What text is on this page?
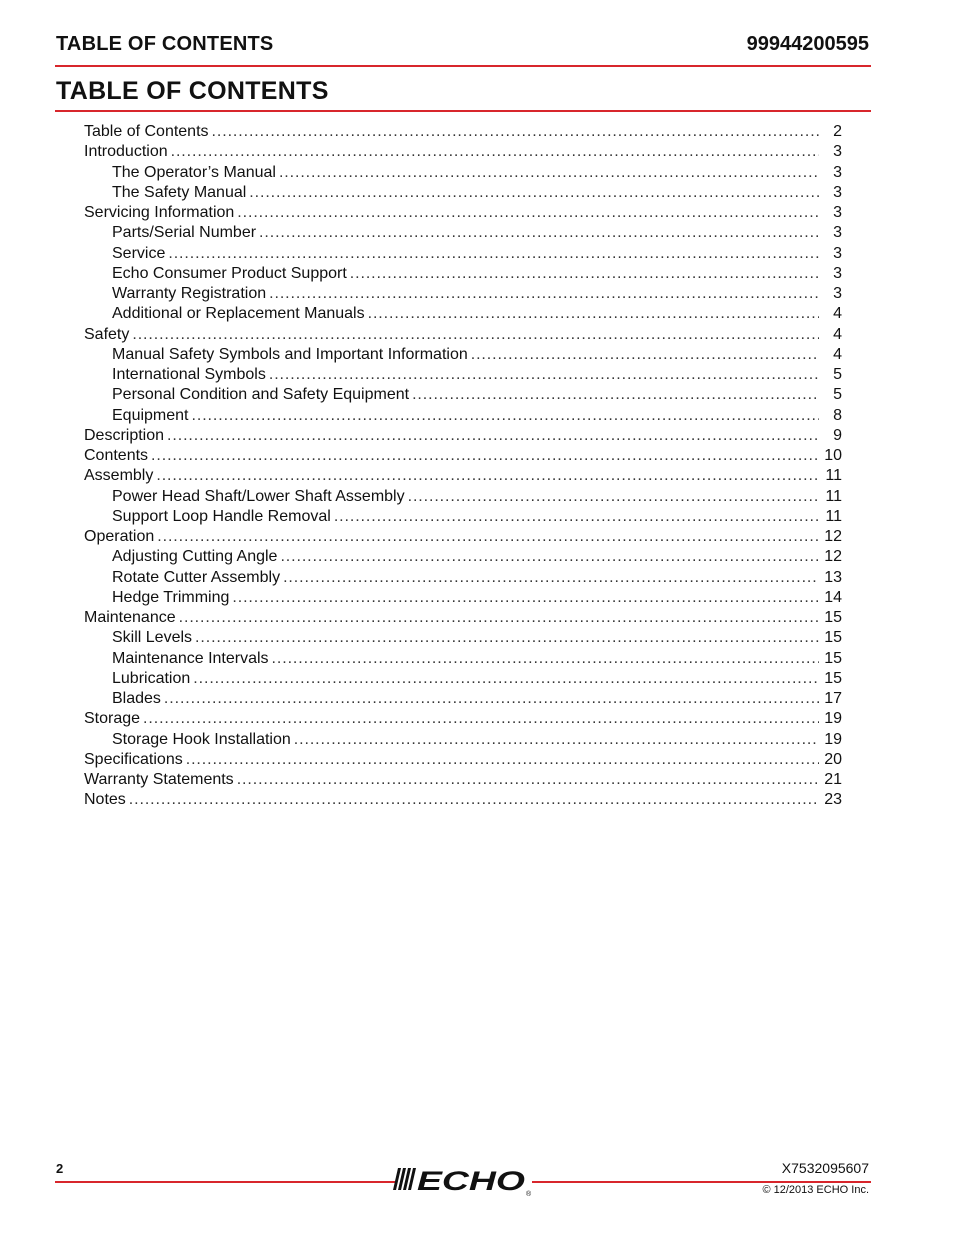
TABLE OF CONTENTS	99944200595
TABLE OF CONTENTS
Table of Contents .....	2
Introduction .....	3
The Operator’s Manual .....	3
The Safety Manual .....	3
Servicing Information .....	3
Parts/Serial Number .....	3
Service .....	3
Echo Consumer Product Support .....	3
Warranty Registration .....	3
Additional or Replacement Manuals .....	4
Safety .....	4
Manual Safety Symbols and Important Information .....	4
International Symbols .....	5
Personal Condition and Safety Equipment .....	5
Equipment .....	8
Description .....	9
Contents .....	10
Assembly .....	11
Power Head Shaft/Lower Shaft Assembly .....	11
Support Loop Handle Removal .....	11
Operation .....	12
Adjusting Cutting Angle .....	12
Rotate Cutter Assembly .....	13
Hedge Trimming .....	14
Maintenance .....	15
Skill Levels .....	15
Maintenance Intervals .....	15
Lubrication .....	15
Blades .....	17
Storage .....	19
Storage Hook Installation .....	19
Specifications .....	20
Warranty Statements .....	21
Notes .....	23
2	ECHO ®
X7532095607
© 12/2013 ECHO Inc.
